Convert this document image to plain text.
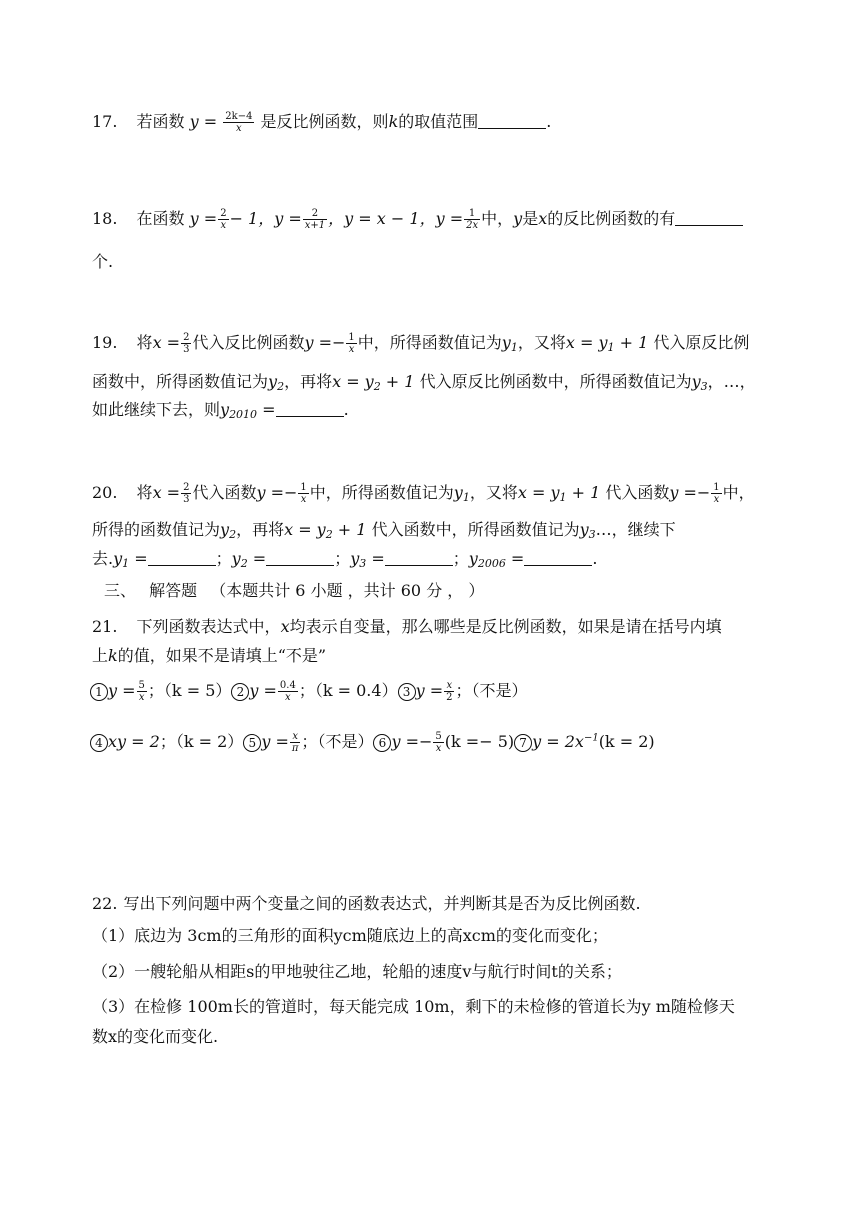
17. 若函数 $y = \frac{2k-4}{x}$ 是反比例函数，则k的取值范围	.
18. 在函数 $y = \frac{2}{x} - 1$，$y = \frac{2}{x+1}$ ，y = x − 1，$y = \frac{1}{2x}$ 中，y是x的反比例函数的有
个.
19. 将$x = \frac{2}{3}$ 代入反比例函数$y =- \frac{1}{x}$ 中，所得函数值记为$y_1$，又将$x = y_1 + 1$ 代入原反比例
函数中，所得函数值记为$y_2$，再将$x = y_2 + 1$ 代入原反比例函数中，所得函数值记为$y_3$，…，
如此继续下去，则$y_{2010}$ =	.
20. 将$x = \frac{2}{3}$ 代入函数$y =- \frac{1}{x}$ 中，所得函数值记为$y_1$，又将$x = y_1 + 1$ 代入函数$y =- \frac{1}{x}$ 中，
所得的函数值记为$y_2$，再将$x = y_2 + 1$ 代入函数中，所得函数值记为$y_3\dots$，继续下
去$.y_1$ =	；$y_2$ =	；$y_3$ =	；$y_{2006}$ =	.
三、 解答题 （本题共计 6 小题 ，共计 60 分 ， ）
21. 下列函数表达式中，x均表示自变量，那么哪些是反比例函数，如果是请在括号内填
上k的值，如果不是请填上“不是”
1 $y = \frac{5}{x}$ ；（k = 5） 2 $y = \frac{0.4}{x}$ ；（k = 0.4） 3 $y = \frac{x}{2}$ ；（不是）
4 xy = 2；（k = 2） 5 $y = \frac{x}{\pi}$ ；（不是） 6 $y =- \frac{5}{x} (k =- 5)$ 7 $y = 2x^{-1}(k = 2)$
22. 写出下列问题中两个变量之间的函数表达式，并判断其是否为反比例函数.
（1）底边为 3cm的三角形的面积ycm随底边上的高xcm的变化而变化；
（2）一艘轮船从相距s的甲地驶往乙地，轮船的速度v与航行时间t的关系；
（3）在检修 100m长的管道时，每天能完成 10m，剩下的未检修的管道长为y m随检修天
数x的变化而变化.
